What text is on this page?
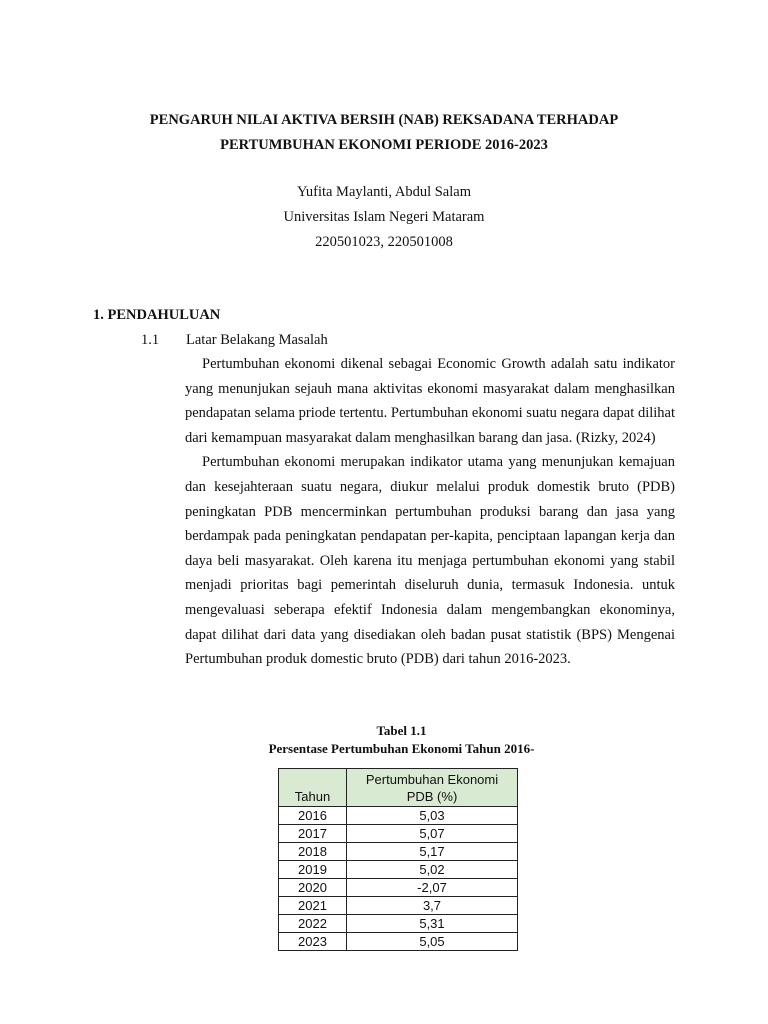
PENGARUH NILAI AKTIVA BERSIH (NAB) REKSADANA TERHADAP
PERTUMBUHAN EKONOMI PERIODE 2016-2023
Yufita Maylanti, Abdul Salam
Universitas Islam Negeri Mataram
220501023, 220501008
1. PENDAHULUAN
1.1 Latar Belakang Masalah

Pertumbuhan ekonomi dikenal sebagai Economic Growth adalah satu indikator yang menunjukan sejauh mana aktivitas ekonomi masyarakat dalam menghasilkan pendapatan selama priode tertentu. Pertumbuhan ekonomi suatu negara dapat dilihat dari kemampuan masyarakat dalam menghasilkan barang dan jasa. (Rizky, 2024)

Pertumbuhan ekonomi merupakan indikator utama yang menunjukan kemajuan dan kesejahteraan suatu negara, diukur melalui produk domestik bruto (PDB) peningkatan PDB mencerminkan pertumbuhan produksi barang dan jasa yang berdampak pada peningkatan pendapatan per-kapita, penciptaan lapangan kerja dan daya beli masyarakat. Oleh karena itu menjaga pertumbuhan ekonomi yang stabil menjadi prioritas bagi pemerintah diseluruh dunia, termasuk Indonesia. untuk mengevaluasi seberapa efektif Indonesia dalam mengembangkan ekonominya, dapat dilihat dari data yang disediakan oleh badan pusat statistik (BPS) Mengenai Pertumbuhan produk domestic bruto (PDB) dari tahun 2016-2023.

Tabel 1.1
Persentase Pertumbuhan Ekonomi Tahun 2016-
Tahun	Pertumbuhan Ekonomi
PDB (%)

2016	5,03
2017	5,07
2018	5,17
2019	5,02
2020	-2,07
2021	3,7
2022	5,31
2023	5,05
